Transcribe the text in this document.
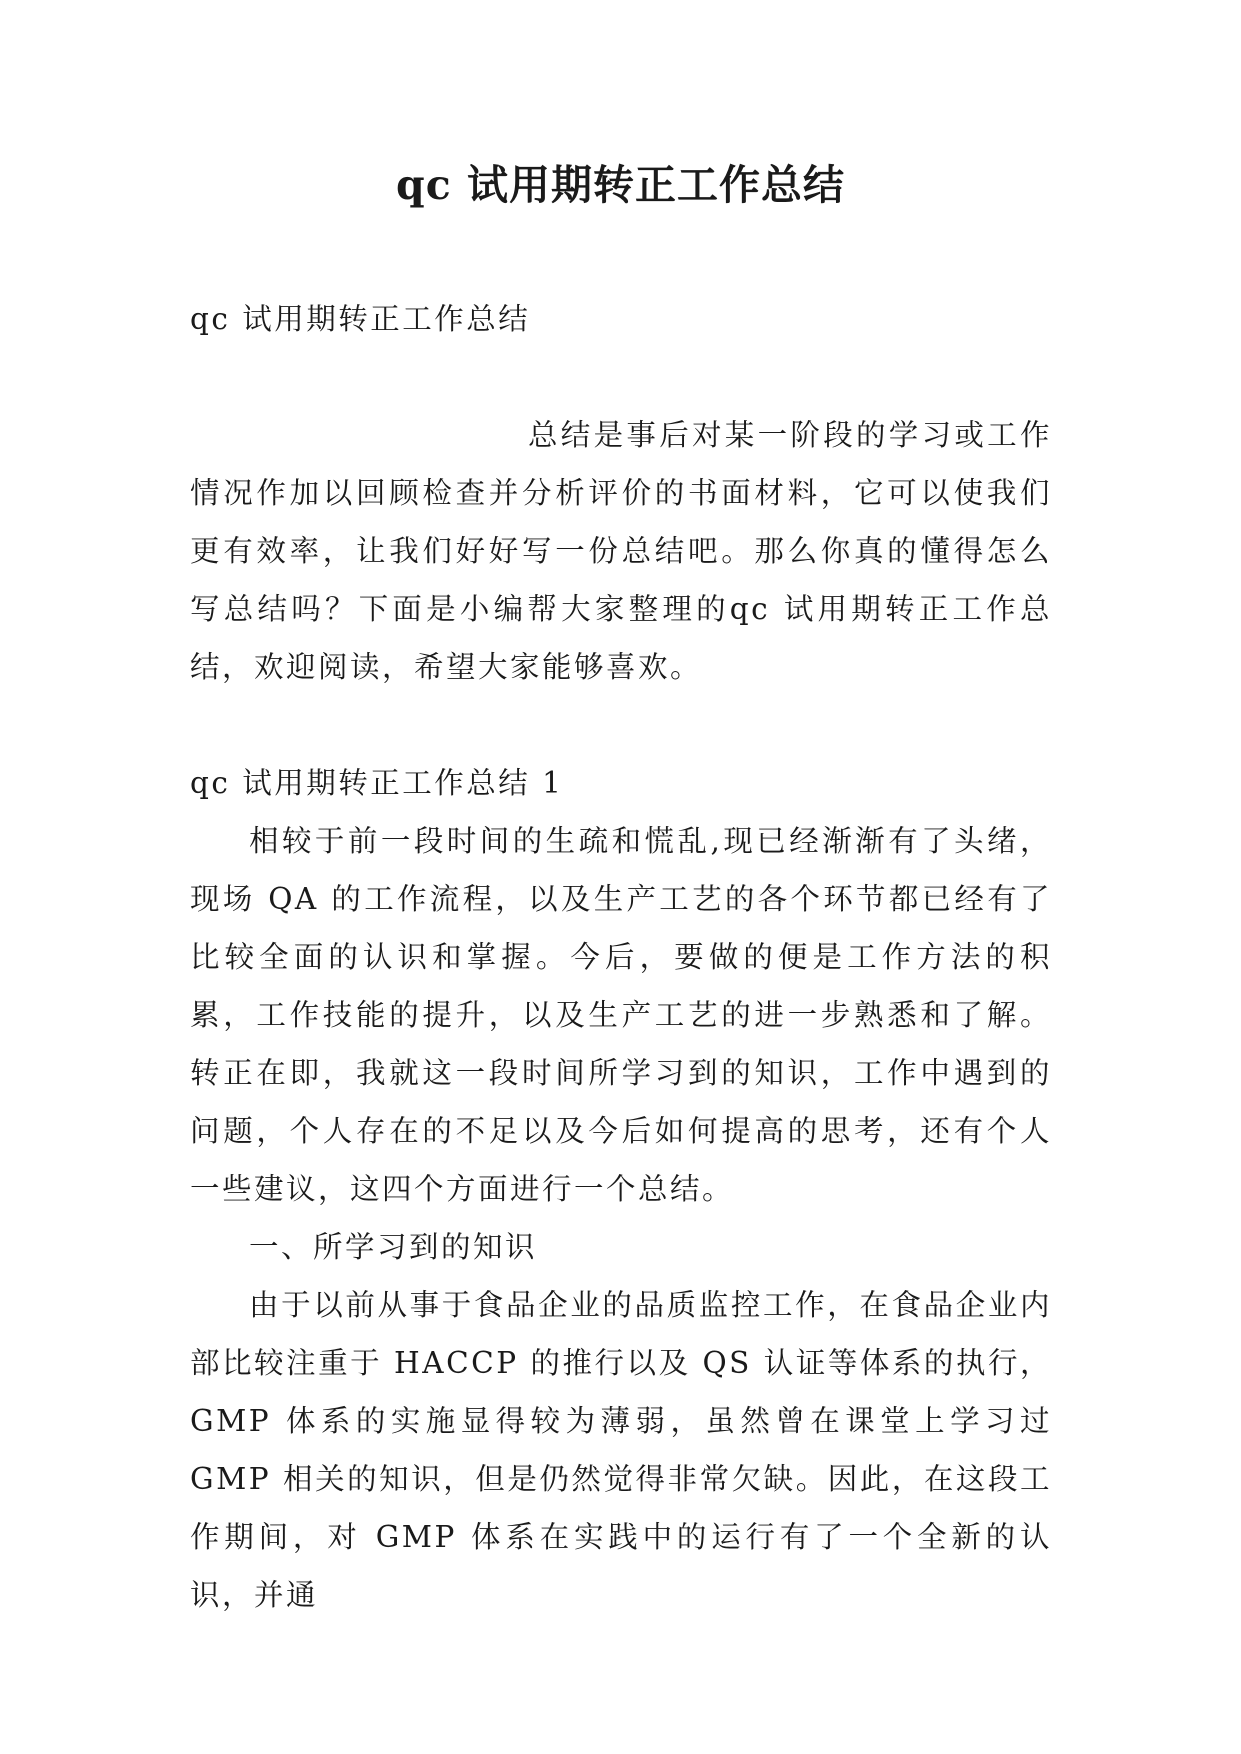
qc 试用期转正工作总结

qc 试用期转正工作总结

总结是事后对某一阶段的学习或工作情况作加以回顾检查并分析评价的书面材料，它可以使我们更有效率，让我们好好写一份总结吧。那么你真的懂得怎么写总结吗？下面是小编帮大家整理的qc 试用期转正工作总结，欢迎阅读，希望大家能够喜欢。

qc 试用期转正工作总结 1

相较于前一段时间的生疏和慌乱,现已经渐渐有了头绪，现场 QA 的工作流程，以及生产工艺的各个环节都已经有了比较全面的认识和掌握。今后，要做的便是工作方法的积累，工作技能的提升，以及生产工艺的进一步熟悉和了解。转正在即，我就这一段时间所学习到的知识，工作中遇到的问题，个人存在的不足以及今后如何提高的思考，还有个人一些建议，这四个方面进行一个总结。

一、所学习到的知识

由于以前从事于食品企业的品质监控工作，在食品企业内部比较注重于 HACCP 的推行以及 QS 认证等体系的执行，GMP 体系的实施显得较为薄弱，虽然曾在课堂上学习过 GMP 相关的知识，但是仍然觉得非常欠缺。因此，在这段工作期间，对 GMP 体系在实践中的运行有了一个全新的认识，并通
